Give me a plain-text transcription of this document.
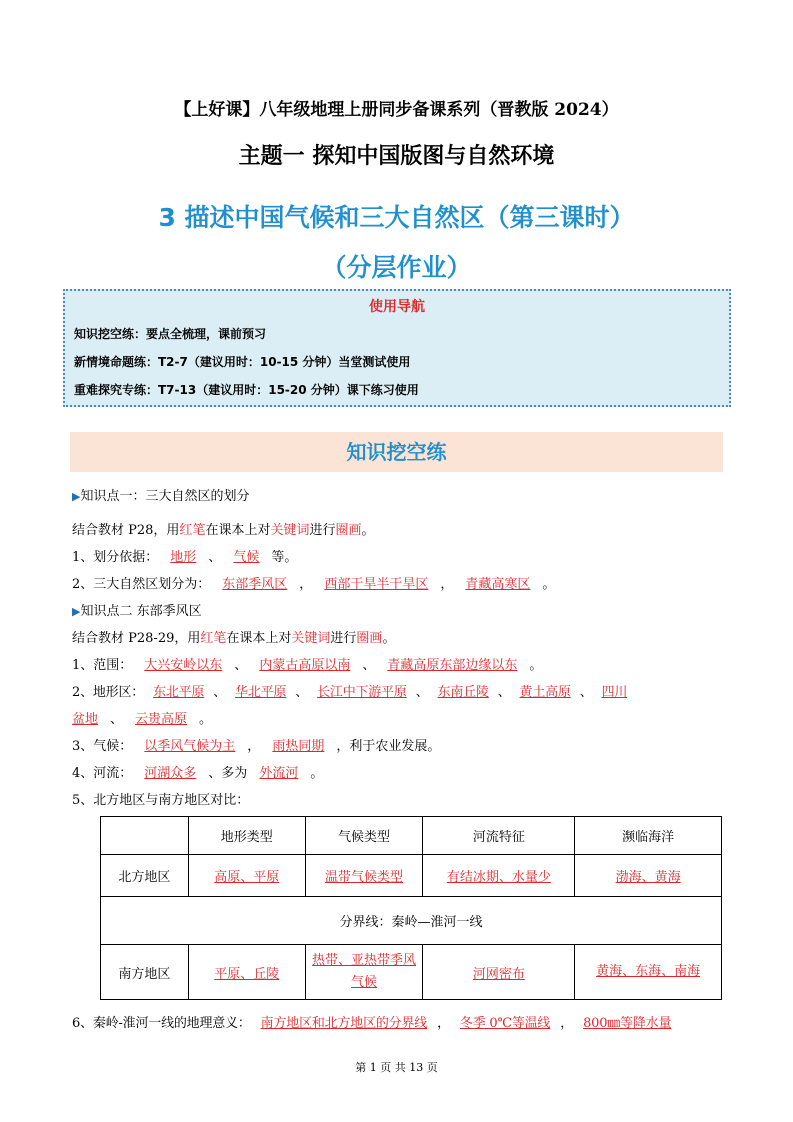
【上好课】八年级地理上册同步备课系列（晋教版 2024）
主题一 探知中国版图与自然环境
3 描述中国气候和三大自然区（第三课时）
（分层作业）
使用导航
知识挖空练：要点全梳理，课前预习
新情境命题练：T2-7（建议用时：10-15 分钟）当堂测试使用
重难探究专练：T7-13（建议用时：15-20 分钟）课下练习使用
知识挖空练
▶知识点一：三大自然区的划分
结合教材 P28，用红笔在课本上对关键词进行圈画。
1、划分依据： 地形 、 气候 等。
2、三大自然区划分为： 东部季风区 ， 西部干旱半干旱区 ， 青藏高寒区 。
▶知识点二 东部季风区
结合教材 P28-29，用红笔在课本上对关键词进行圈画。
1、范围： 大兴安岭以东 、 内蒙古高原以南 、 青藏高原东部边缘以东 。
2、地形区： 东北平原 、 华北平原 、 长江中下游平原 、 东南丘陵 、 黄土高原 、 四川
盆地 、 云贵高原 。
3、气候： 以季风气候为主 ， 雨热同期 ，利于农业发展。
4、河流： 河湖众多 、多为 外流河 。
5、北方地区与南方地区对比：
	地形类型	气候类型	河流特征	濒临海洋
北方地区	高原、平原	温带气候类型	有结冰期、水量少	渤海、黄海
分界线：秦岭—淮河一线				
南方地区	平原、丘陵	热带、亚热带季风气候	河网密布	黄海、东海、南海
6、秦岭-淮河一线的地理意义： 南方地区和北方地区的分界线 ， 冬季 0℃等温线 ， 800㎜等降水量
第 1 页 共 13 页
